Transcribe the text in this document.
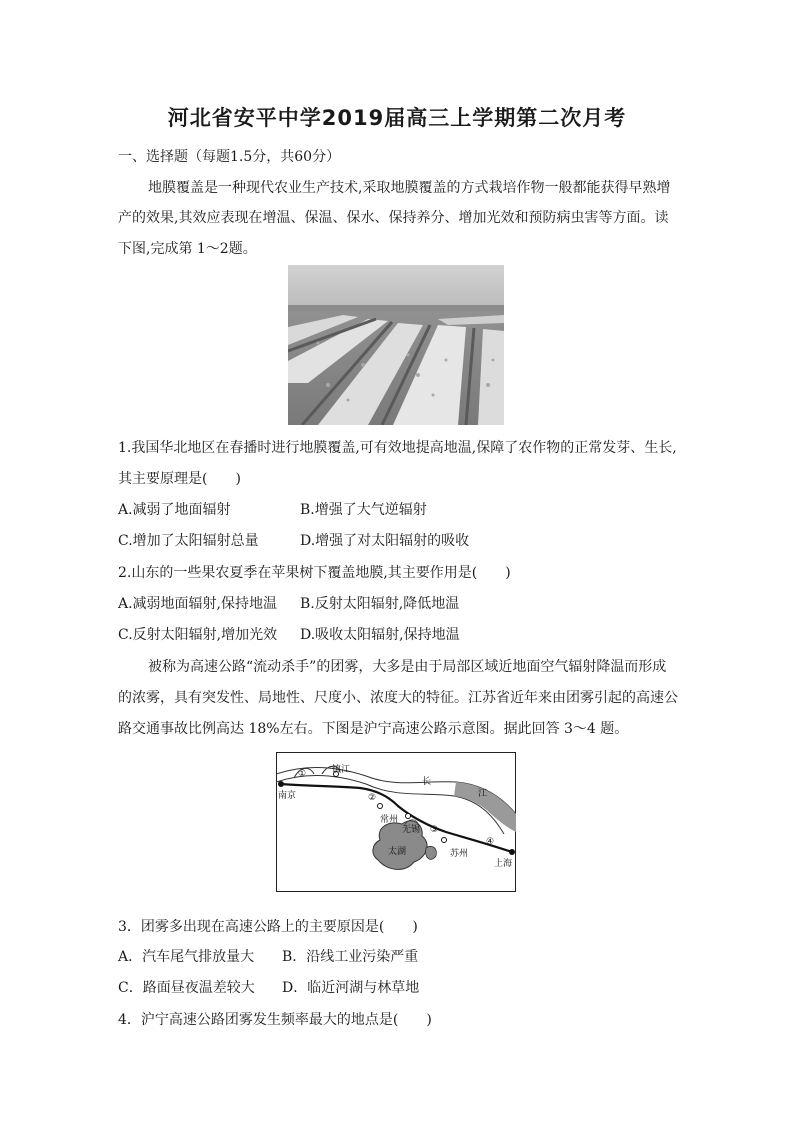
河北省安平中学2019届高三上学期第二次月考
一、选择题（每题1.5分，共60分）
地膜覆盖是一种现代农业生产技术,采取地膜覆盖的方式栽培作物一般都能获得早熟增
产的效果,其效应表现在增温、保温、保水、保持养分、增加光效和预防病虫害等方面。读
下图,完成第 1～2题。
1.我国华北地区在春播时进行地膜覆盖,可有效地提高地温,保障了农作物的正常发芽、生长,
其主要原理是(　　)
A.减弱了地面辐射	B.增强了大气逆辐射
C.增加了太阳辐射总量	D.增强了对太阳辐射的吸收
2.山东的一些果农夏季在苹果树下覆盖地膜,其主要作用是(　　)
A.减弱地面辐射,保持地温 B.反射太阳辐射,降低地温
C.反射太阳辐射,增加光效 D.吸收太阳辐射,保持地温
被称为高速公路“流动杀手”的团雾，大多是由于局部区域近地面空气辐射降温而形成
的浓雾，具有突发性、局地性、尺度小、浓度大的特征。江苏省近年来由团雾引起的高速公
路交通事故比例高达 18%左右。下图是沪宁高速公路示意图。据此回答 3～4 题。
南京
镇江
常州
无锡
苏州
上海
长
江
太湖
①
②
③
④
3．团雾多出现在高速公路上的主要原因是(　　)
A．汽车尾气排放量大 B．沿线工业污染严重
C．路面昼夜温差较大 D．临近河湖与林草地
4．沪宁高速公路团雾发生频率最大的地点是(　　)
